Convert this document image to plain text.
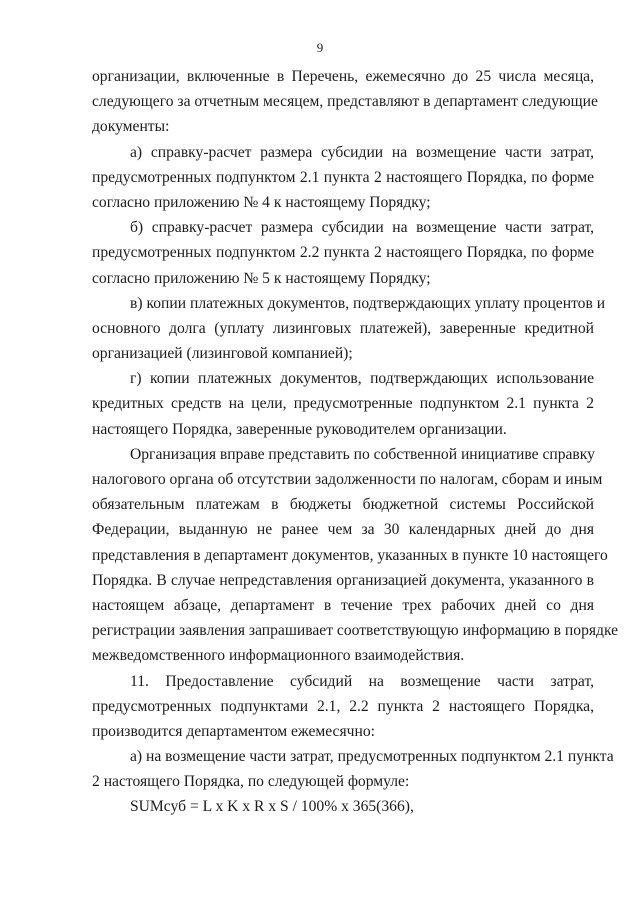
9
организации, включенные в Перечень, ежемесячно до 25 числа месяца,
следующего за отчетным месяцем, представляют в департамент следующие
документы:
а) справку-расчет размера субсидии на возмещение части затрат,
предусмотренных подпунктом 2.1 пункта 2 настоящего Порядка, по форме
согласно приложению № 4 к настоящему Порядку;
б) справку-расчет размера субсидии на возмещение части затрат,
предусмотренных подпунктом 2.2 пункта 2 настоящего Порядка, по форме
согласно приложению № 5 к настоящему Порядку;
в) копии платежных документов, подтверждающих уплату процентов и
основного долга (уплату лизинговых платежей), заверенные кредитной
организацией (лизинговой компанией);
г) копии платежных документов, подтверждающих использование
кредитных средств на цели, предусмотренные подпунктом 2.1 пункта 2
настоящего Порядка, заверенные руководителем организации.
Организация вправе представить по собственной инициативе справку
налогового органа об отсутствии задолженности по налогам, сборам и иным
обязательным платежам в бюджеты бюджетной системы Российской
Федерации, выданную не ранее чем за 30 календарных дней до дня
представления в департамент документов, указанных в пункте 10 настоящего
Порядка. В случае непредставления организацией документа, указанного в
настоящем абзаце, департамент в течение трех рабочих дней со дня
регистрации заявления запрашивает соответствующую информацию в порядке
межведомственного информационного взаимодействия.
11. Предоставление субсидий на возмещение части затрат,
предусмотренных подпунктами 2.1, 2.2 пункта 2 настоящего Порядка,
производится департаментом ежемесячно:
а) на возмещение части затрат, предусмотренных подпунктом 2.1 пункта
2 настоящего Порядка, по следующей формуле:
SUMсуб = L x K x R x S / 100% x 365(366),
